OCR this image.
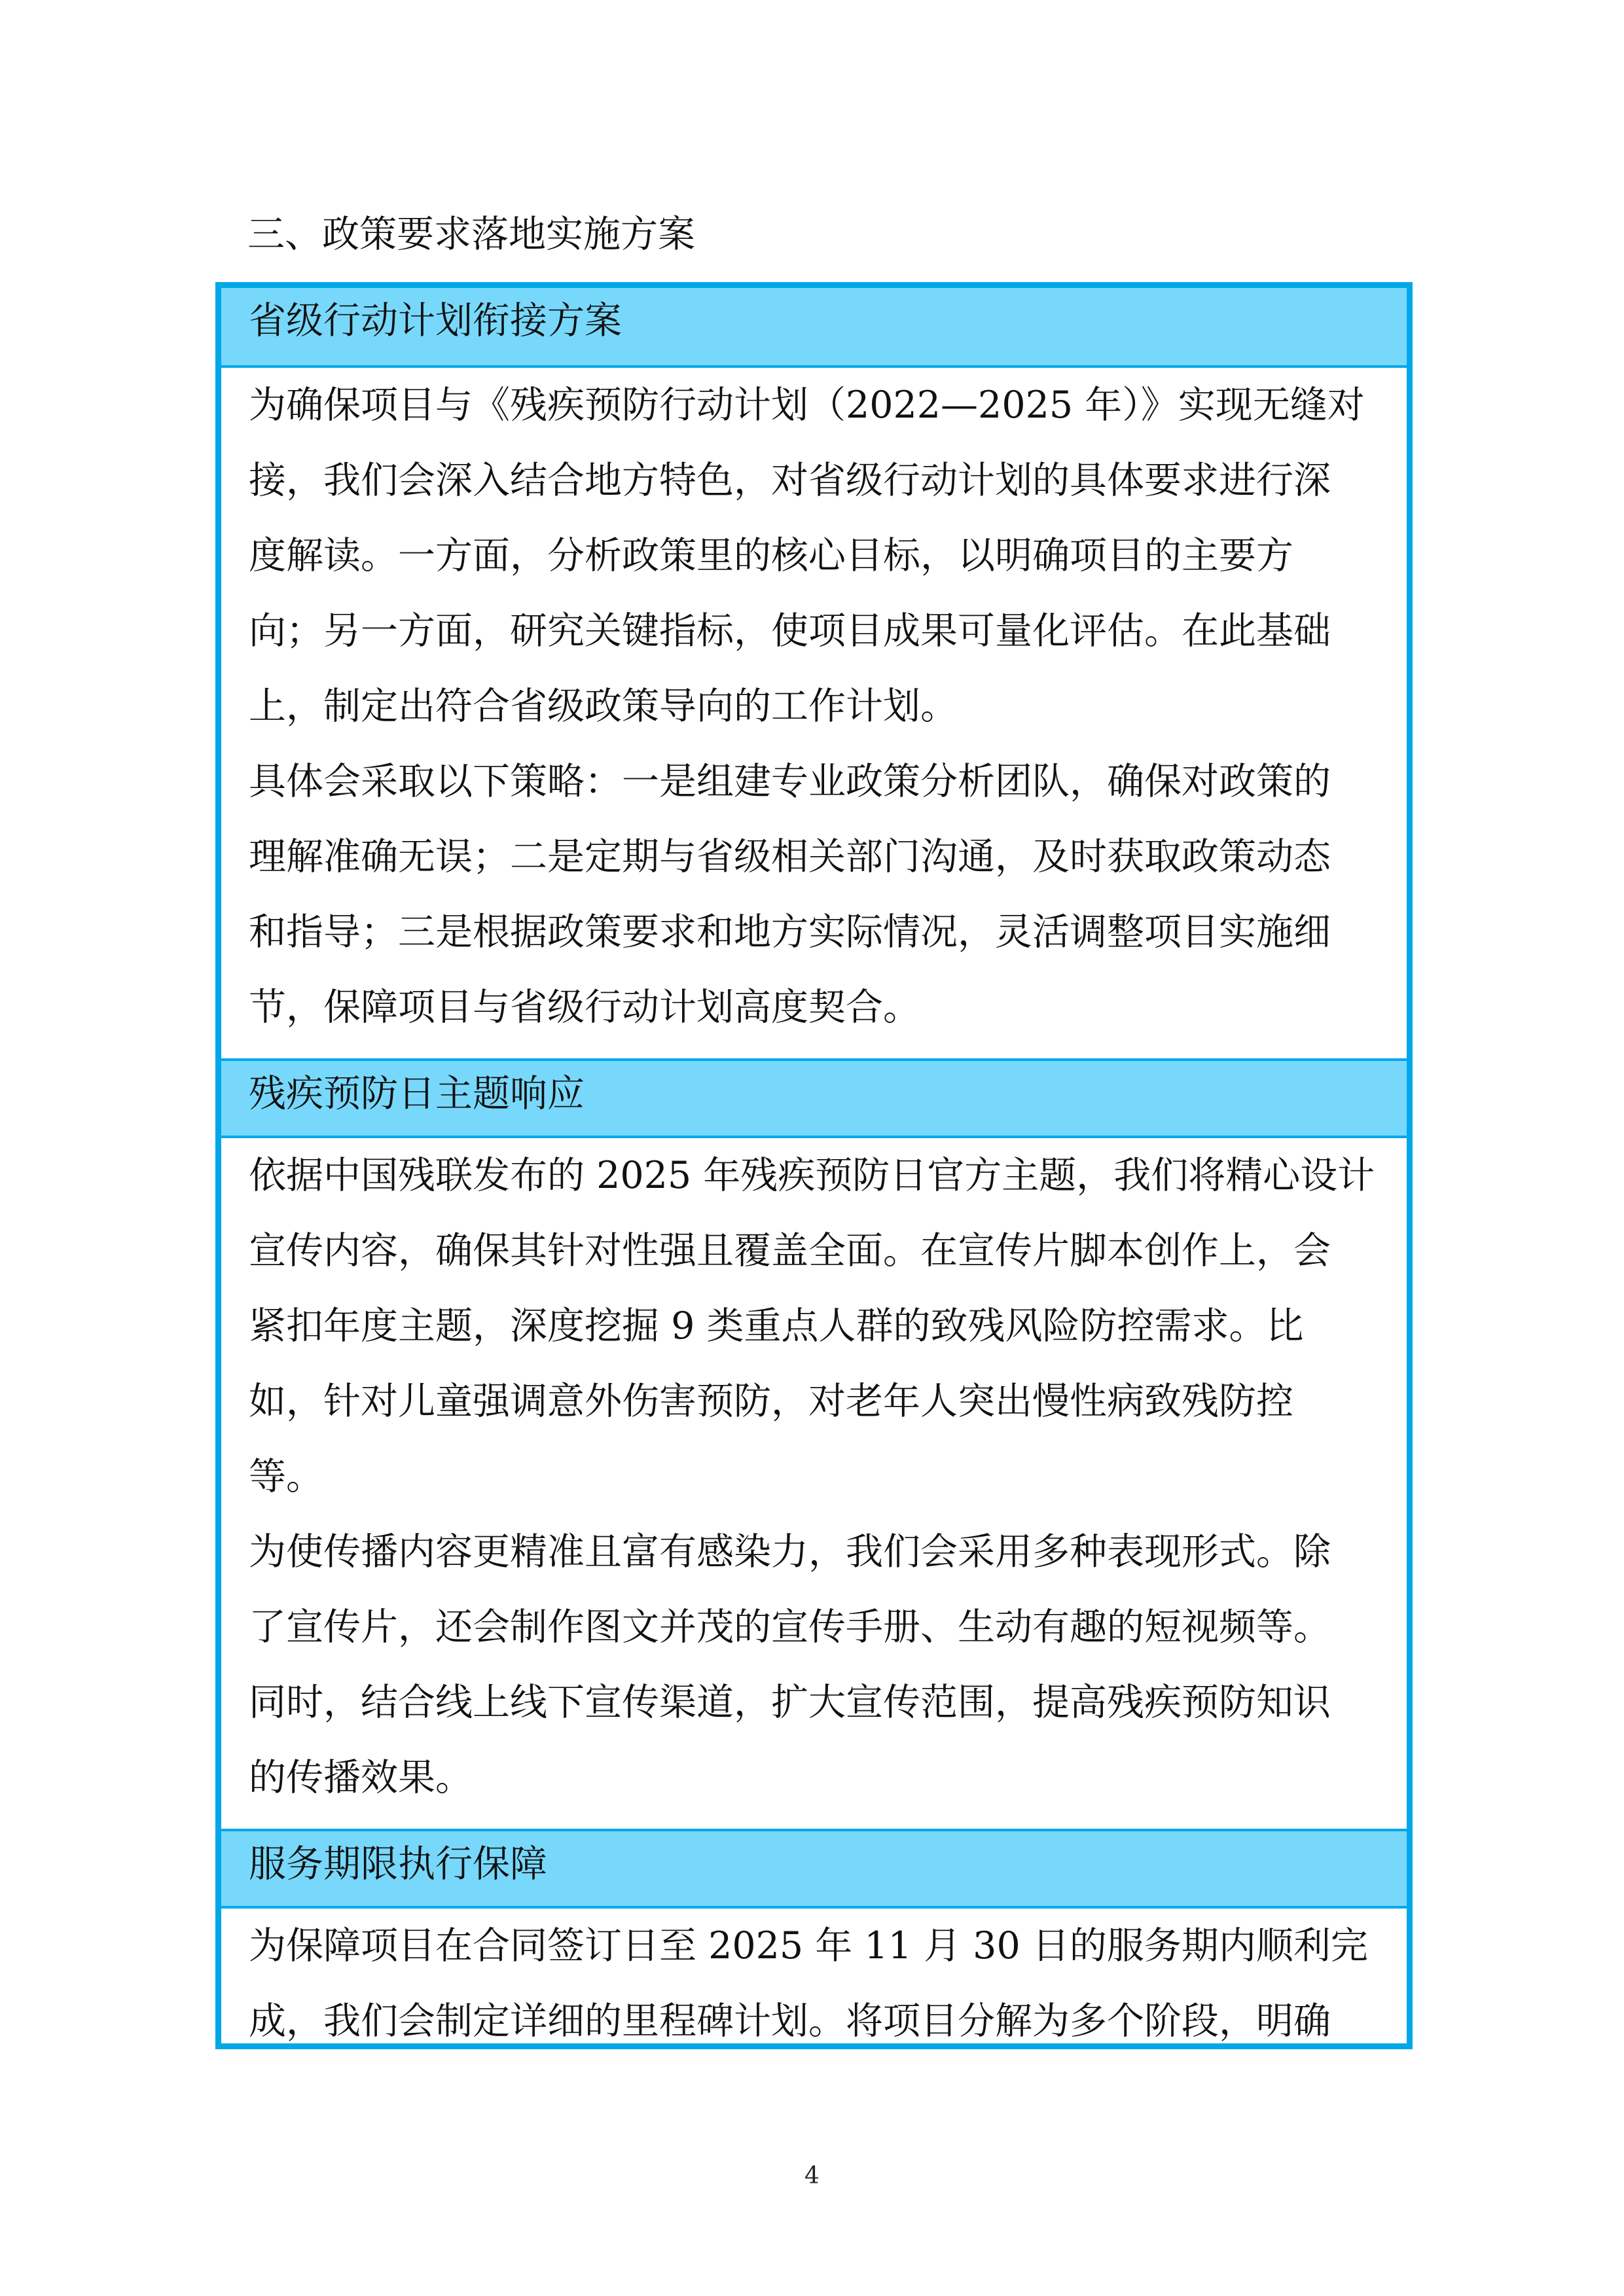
三、政策要求落地实施方案
省级行动计划衔接方案
为确保项目与《残疾预防行动计划（2022—2025 年）》实现无缝对
接，我们会深入结合地方特色，对省级行动计划的具体要求进行深
度解读。一方面，分析政策里的核心目标，以明确项目的主要方
向；另一方面，研究关键指标，使项目成果可量化评估。在此基础
上，制定出符合省级政策导向的工作计划。
具体会采取以下策略：一是组建专业政策分析团队，确保对政策的
理解准确无误；二是定期与省级相关部门沟通，及时获取政策动态
和指导；三是根据政策要求和地方实际情况，灵活调整项目实施细
节，保障项目与省级行动计划高度契合。
残疾预防日主题响应
依据中国残联发布的 2025 年残疾预防日官方主题，我们将精心设计
宣传内容，确保其针对性强且覆盖全面。在宣传片脚本创作上，会
紧扣年度主题，深度挖掘 9 类重点人群的致残风险防控需求。比
如，针对儿童强调意外伤害预防，对老年人突出慢性病致残防控
等。
为使传播内容更精准且富有感染力，我们会采用多种表现形式。除
了宣传片，还会制作图文并茂的宣传手册、生动有趣的短视频等。
同时，结合线上线下宣传渠道，扩大宣传范围，提高残疾预防知识
的传播效果。
服务期限执行保障
为保障项目在合同签订日至 2025 年 11 月 30 日的服务期内顺利完
成，我们会制定详细的里程碑计划。将项目分解为多个阶段，明确
4
